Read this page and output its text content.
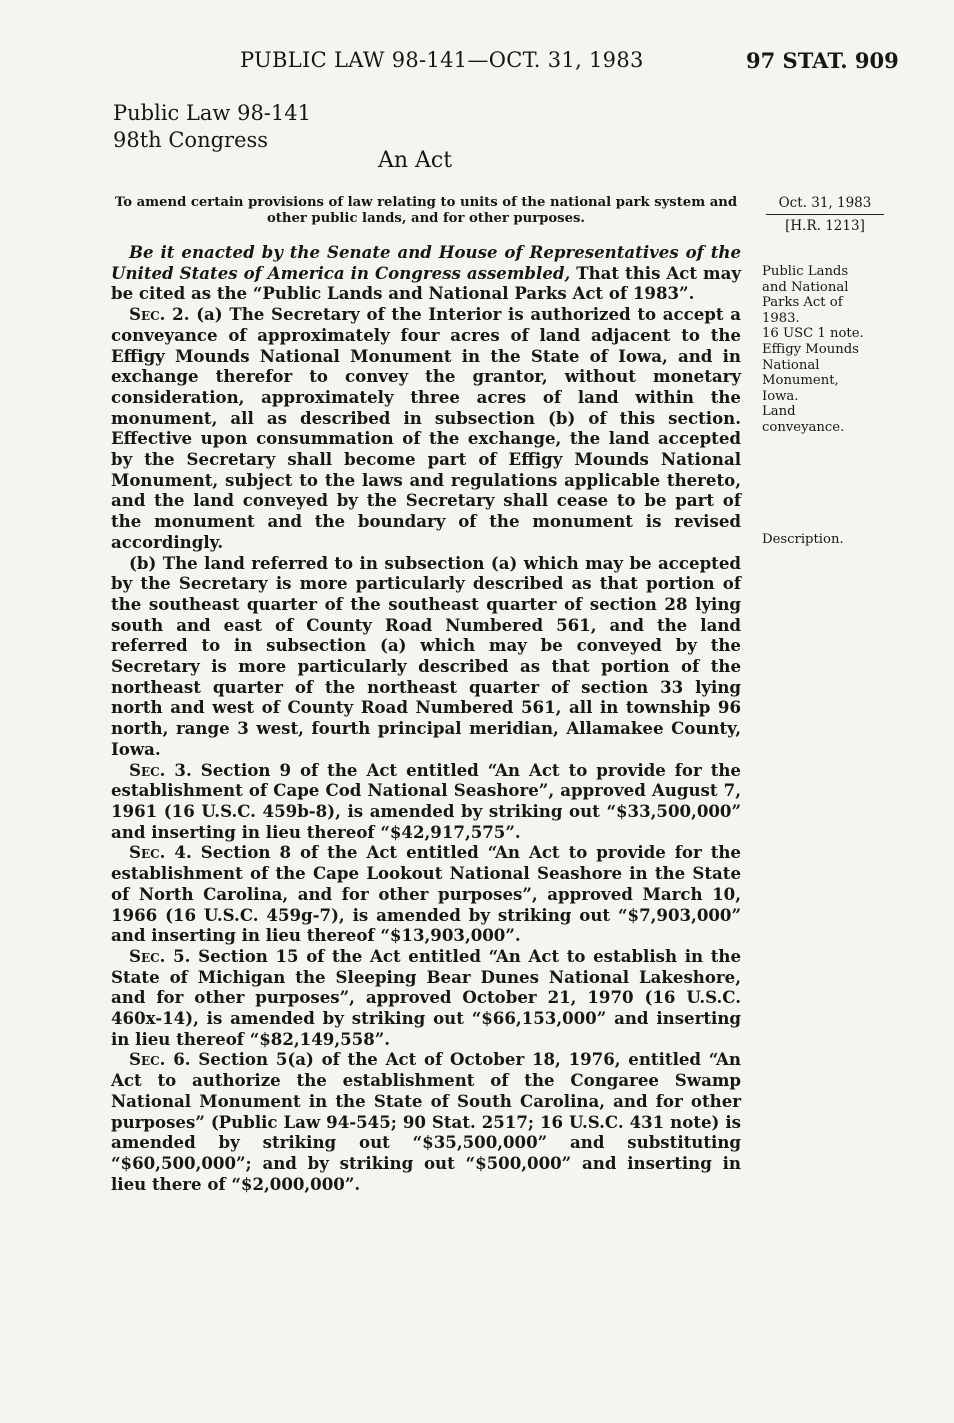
PUBLIC LAW 98-141—OCT. 31, 1983	97 STAT. 909
Public Law 98-141
98th Congress
An Act
To amend certain provisions of law relating to units of the national park system and other public lands, and for other purposes.
Oct. 31, 1983
[H.R. 1213]
Public Lands
and National
Parks Act of
1983.
16 USC 1 note.
Effigy Mounds
National
Monument,
Iowa.
Land
conveyance.
Description.

Be it enacted by the Senate and House of Representatives of the United States of America in Congress assembled, That this Act may be cited as the “Public Lands and National Parks Act of 1983”.

Sec. 2. (a) The Secretary of the Interior is authorized to accept a conveyance of approximately four acres of land adjacent to the Effigy Mounds National Monument in the State of Iowa, and in exchange therefor to convey the grantor, without monetary consideration, approximately three acres of land within the monument, all as described in subsection (b) of this section. Effective upon consummation of the exchange, the land accepted by the Secretary shall become part of Effigy Mounds National Monument, subject to the laws and regulations applicable thereto, and the land conveyed by the Secretary shall cease to be part of the monument and the boundary of the monument is revised accordingly.

(b) The land referred to in subsection (a) which may be accepted by the Secretary is more particularly described as that portion of the southeast quarter of the southeast quarter of section 28 lying south and east of County Road Numbered 561, and the land referred to in subsection (a) which may be conveyed by the Secretary is more particularly described as that portion of the northeast quarter of the northeast quarter of section 33 lying north and west of County Road Numbered 561, all in township 96 north, range 3 west, fourth principal meridian, Allamakee County, Iowa.

Sec. 3. Section 9 of the Act entitled “An Act to provide for the establishment of Cape Cod National Seashore”, approved August 7, 1961 (16 U.S.C. 459b-8), is amended by striking out “$33,500,000” and inserting in lieu thereof “$42,917,575”.

Sec. 4. Section 8 of the Act entitled “An Act to provide for the establishment of the Cape Lookout National Seashore in the State of North Carolina, and for other purposes”, approved March 10, 1966 (16 U.S.C. 459g-7), is amended by striking out “$7,903,000” and inserting in lieu thereof “$13,903,000”.

Sec. 5. Section 15 of the Act entitled “An Act to establish in the State of Michigan the Sleeping Bear Dunes National Lakeshore, and for other purposes”, approved October 21, 1970 (16 U.S.C. 460x-14), is amended by striking out “$66,153,000” and inserting in lieu thereof “$82,149,558”.

Sec. 6. Section 5(a) of the Act of October 18, 1976, entitled “An Act to authorize the establishment of the Congaree Swamp National Monument in the State of South Carolina, and for other purposes” (Public Law 94-545; 90 Stat. 2517; 16 U.S.C. 431 note) is amended by striking out “$35,500,000” and substituting “$60,500,000”; and by striking out “$500,000” and inserting in lieu there of “$2,000,000”.
